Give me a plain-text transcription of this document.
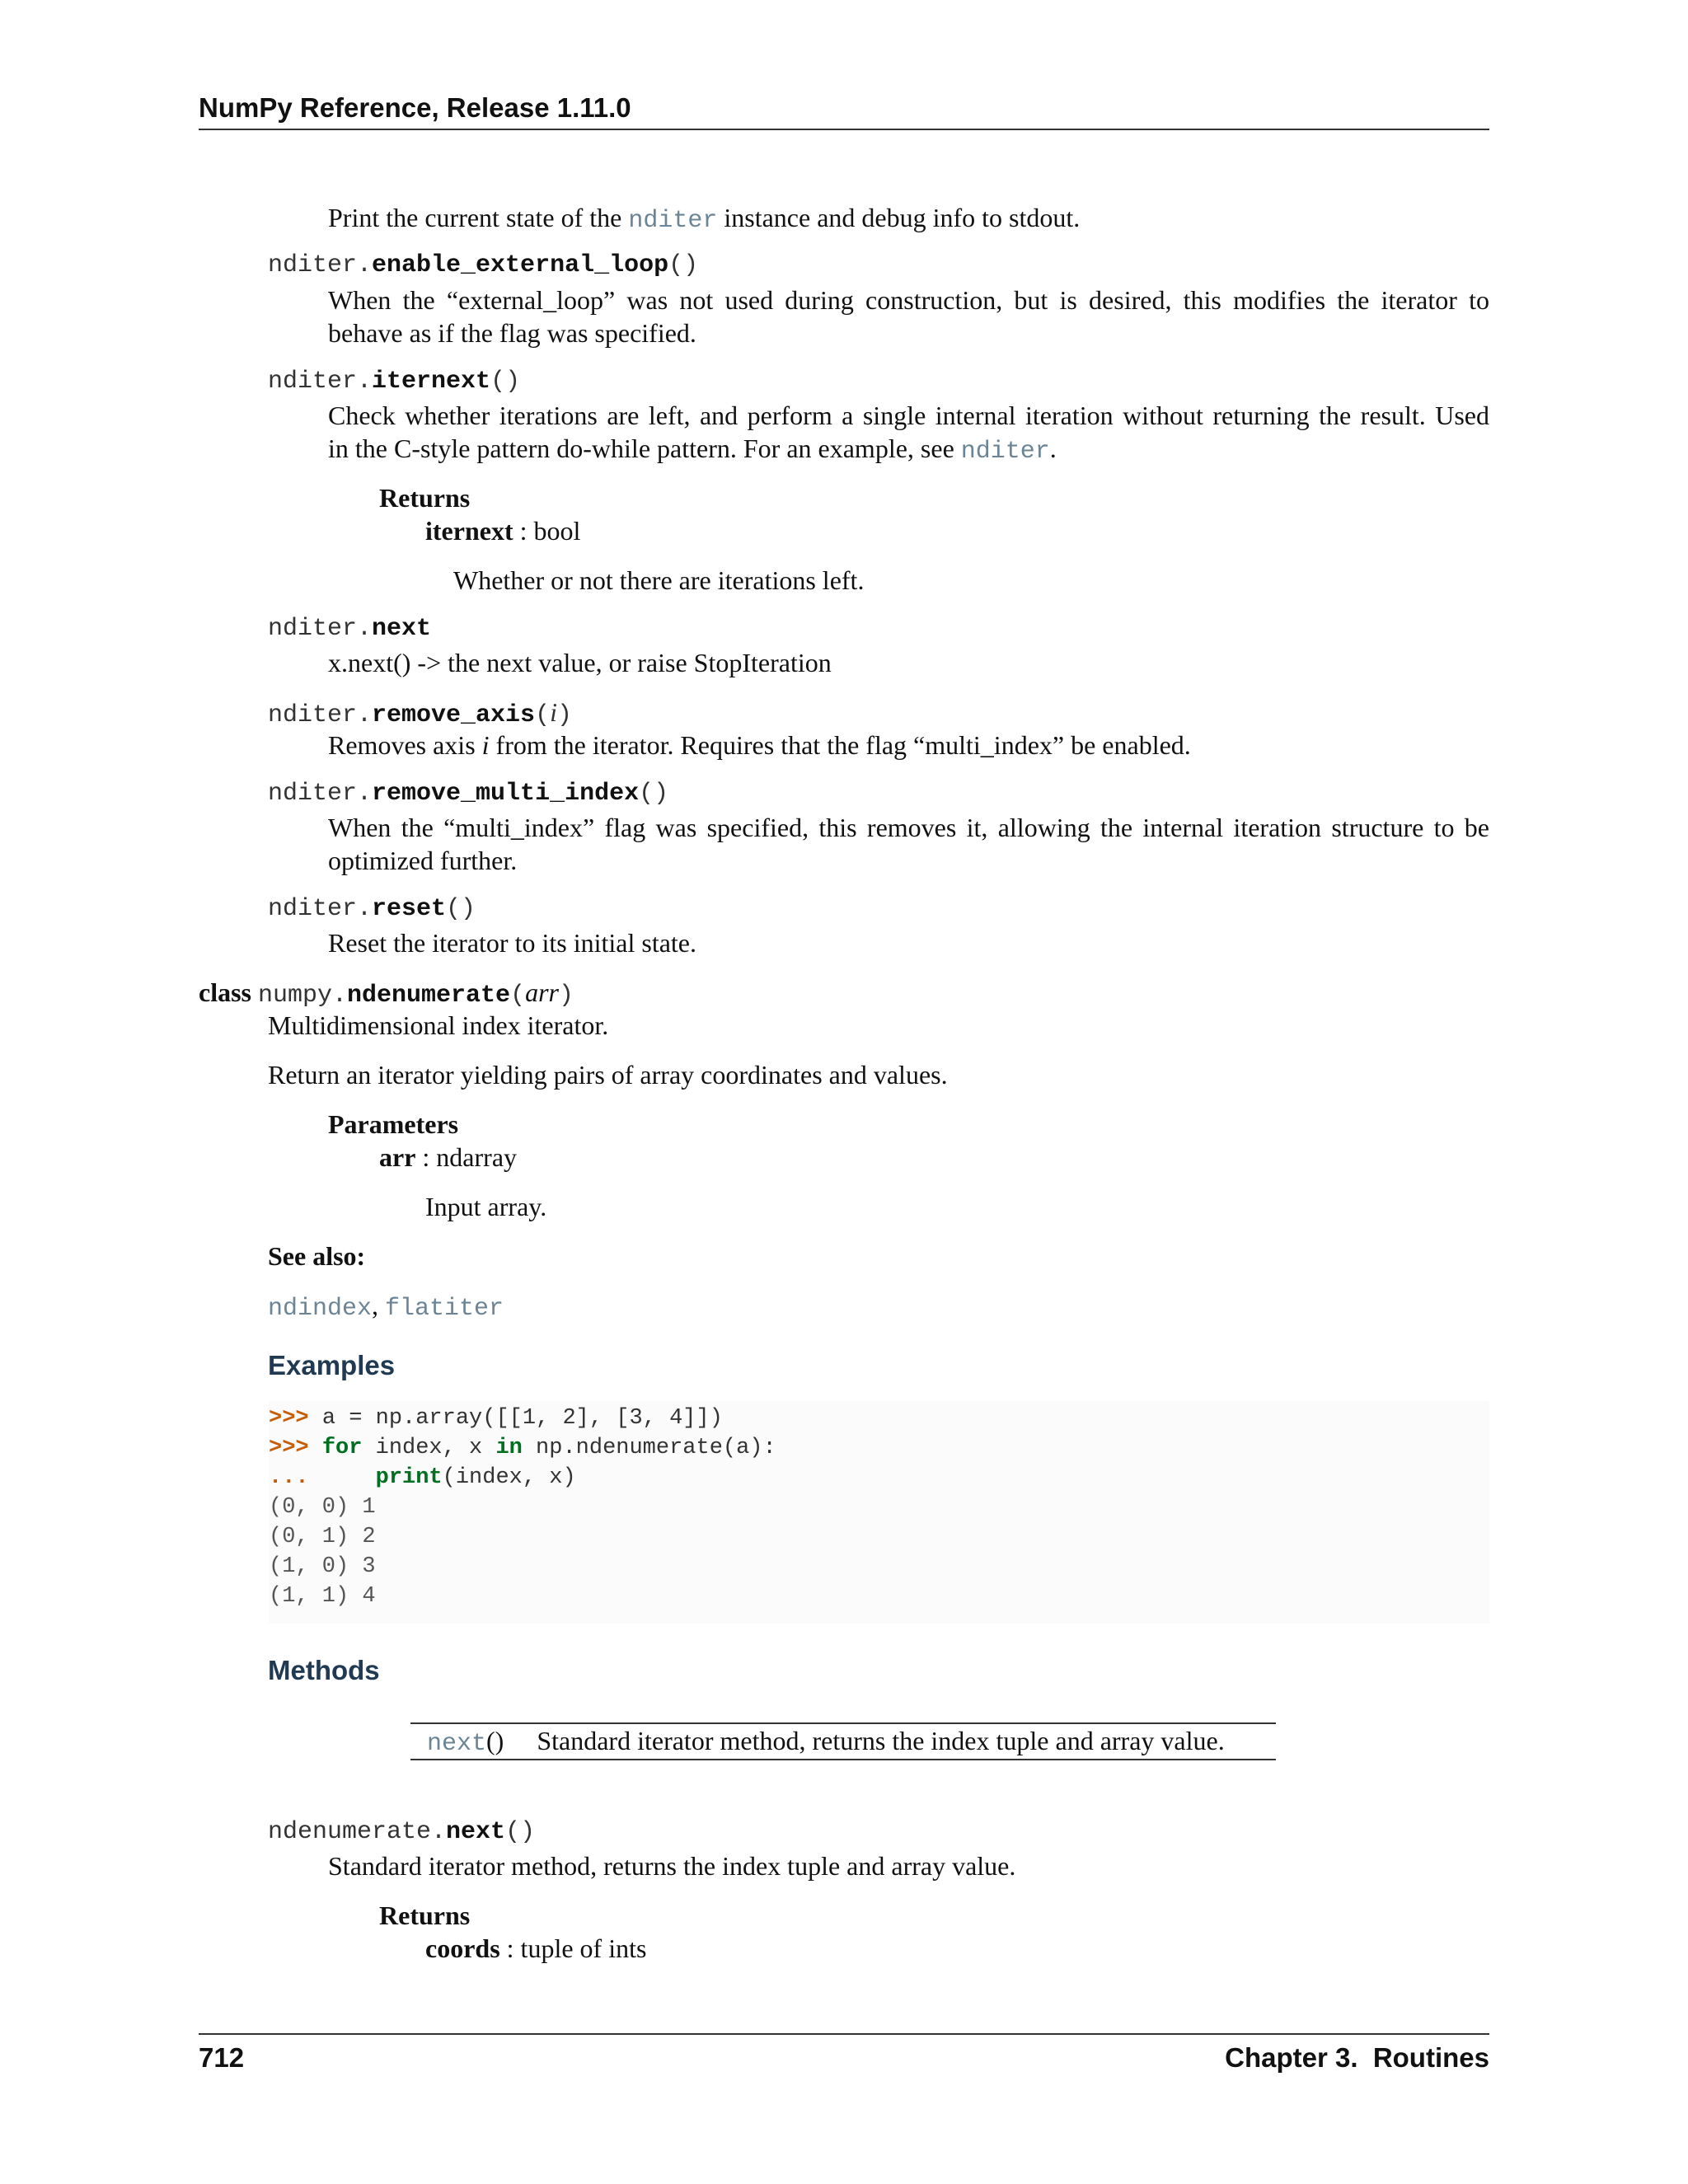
NumPy Reference, Release 1.11.0
Print the current state of the nditer instance and debug info to stdout.
nditer.enable_external_loop()
When the “external_loop” was not used during construction, but is desired, this modifies the iterator to
behave as if the flag was specified.
nditer.iternext()
Check whether iterations are left, and perform a single internal iteration without returning the result. Used
in the C-style pattern do-while pattern. For an example, see nditer.
Returns
iternext : bool
Whether or not there are iterations left.
nditer.next
x.next() -> the next value, or raise StopIteration
nditer.remove_axis(i)
Removes axis i from the iterator. Requires that the flag “multi_index” be enabled.
nditer.remove_multi_index()
When the “multi_index” flag was specified, this removes it, allowing the internal iteration structure to be
optimized further.
nditer.reset()
Reset the iterator to its initial state.
class numpy.ndenumerate(arr)
Multidimensional index iterator.
Return an iterator yielding pairs of array coordinates and values.
Parameters
arr : ndarray
Input array.
See also:
ndindex, flatiter
Examples
>>> a = np.array([[1, 2], [3, 4]])
>>> for index, x in np.ndenumerate(a):
...     print(index, x)
(0, 0) 1
(0, 1) 2
(1, 0) 3
(1, 1) 4
Methods
next() Standard iterator method, returns the index tuple and array value.
ndenumerate.next()
Standard iterator method, returns the index tuple and array value.
Returns
coords : tuple of ints
712	Chapter 3.  Routines
